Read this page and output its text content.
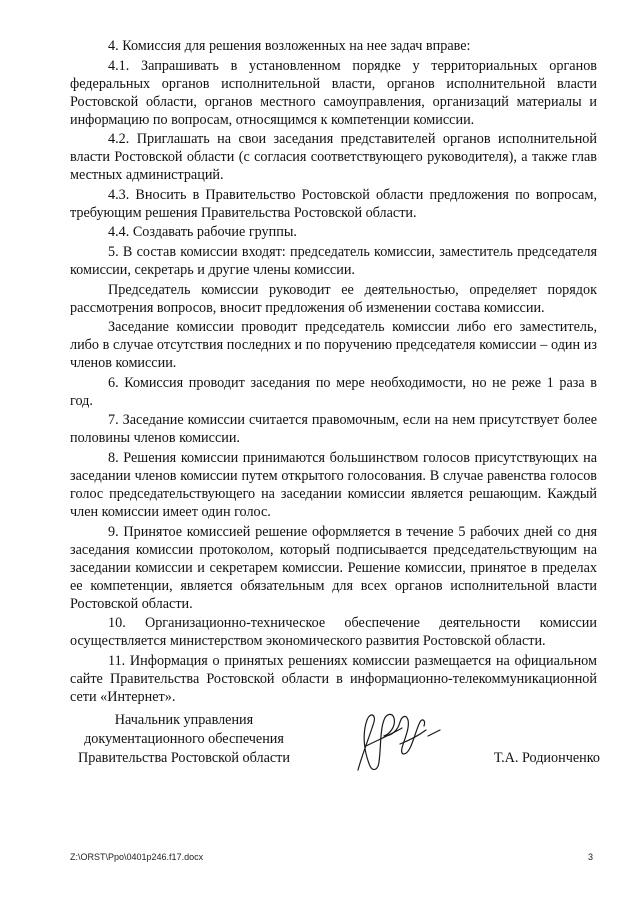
4. Комиссия для решения возложенных на нее задач вправе:

4.1. Запрашивать в установленном порядке у территориальных органов федеральных органов исполнительной власти, органов исполнительной власти Ростовской области, органов местного самоуправления, организаций материалы и информацию по вопросам, относящимся к компетенции комиссии.

4.2. Приглашать на свои заседания представителей органов исполнительной власти Ростовской области (с согласия соответствующего руководителя), а также глав местных администраций.

4.3. Вносить в Правительство Ростовской области предложения по вопросам, требующим решения Правительства Ростовской области.

4.4. Создавать рабочие группы.

5. В состав комиссии входят: председатель комиссии, заместитель председателя комиссии, секретарь и другие члены комиссии.

Председатель комиссии руководит ее деятельностью, определяет порядок рассмотрения вопросов, вносит предложения об изменении состава комиссии.

Заседание комиссии проводит председатель комиссии либо его заместитель, либо в случае отсутствия последних и по поручению председателя комиссии – один из членов комиссии.

6. Комиссия проводит заседания по мере необходимости, но не реже 1 раза в год.

7. Заседание комиссии считается правомочным, если на нем присутствует более половины членов комиссии.

8. Решения комиссии принимаются большинством голосов присутствующих на заседании членов комиссии путем открытого голосования. В случае равенства голосов голос председательствующего на заседании комиссии является решающим. Каждый член комиссии имеет один голос.

9. Принятое комиссией решение оформляется в течение 5 рабочих дней со дня заседания комиссии протоколом, который подписывается председательствующим на заседании комиссии и секретарем комиссии. Решение комиссии, принятое в пределах ее компетенции, является обязательным для всех органов исполнительной власти Ростовской области.

10. Организационно-техническое обеспечение деятельности комиссии осуществляется министерством экономического развития Ростовской области.

11. Информация о принятых решениях комиссии размещается на официальном сайте Правительства Ростовской области в информационно-телекоммуникационной сети «Интернет».

Начальник управления
документационного обеспечения
Правительства Ростовской области	Т.А. Родионченко
Z:\ORST\Ppo\0401p246.f17.docx	3
